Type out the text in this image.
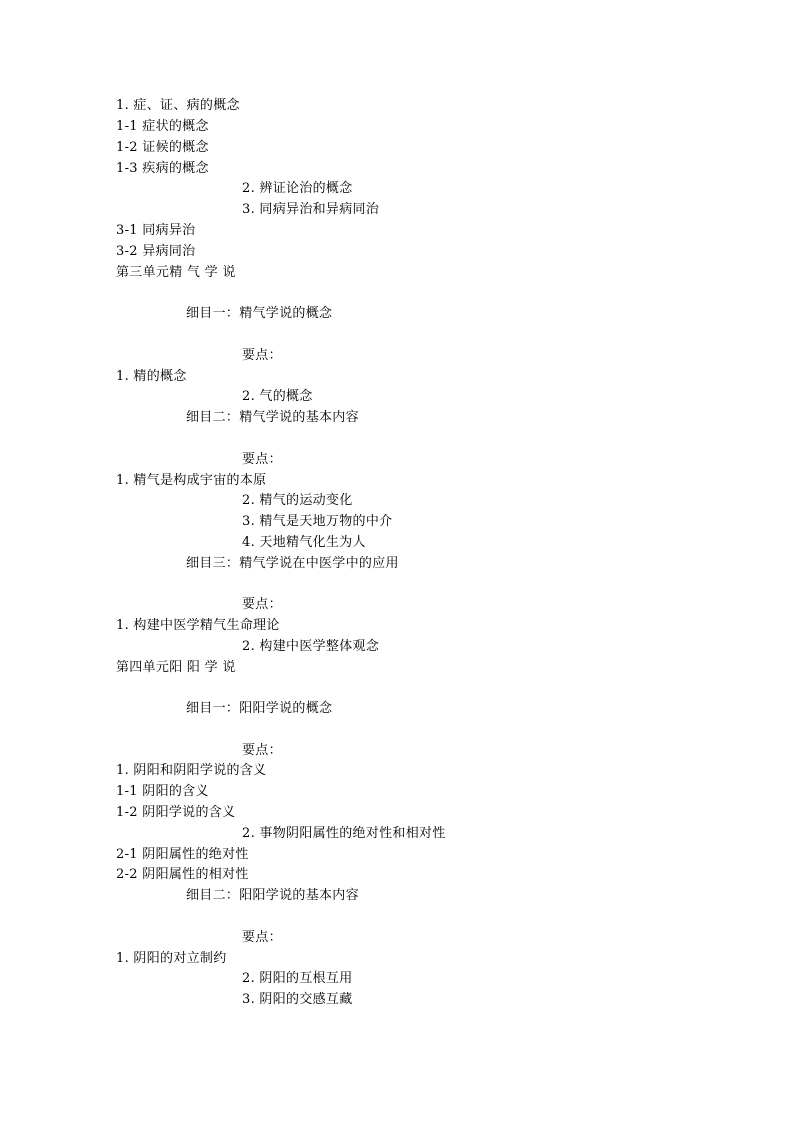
1. 症、证、病的概念
1-1 症状的概念
1-2 证候的概念
1-3 疾病的概念
2. 辨证论治的概念
3. 同病异治和异病同治
3-1 同病异治
3-2 异病同治
第三单元精 气 学 说
细目一：精气学说的概念
要点：
1. 精的概念
2. 气的概念
细目二：精气学说的基本内容
要点：
1. 精气是构成宇宙的本原
2. 精气的运动变化
3. 精气是天地万物的中介
4. 天地精气化生为人
细目三：精气学说在中医学中的应用
要点：
1. 构建中医学精气生命理论
2. 构建中医学整体观念
第四单元阳 阳 学 说
细目一：阳阳学说的概念
要点：
1. 阴阳和阴阳学说的含义
1-1 阴阳的含义
1-2 阴阳学说的含义
2. 事物阴阳属性的绝对性和相对性
2-1 阴阳属性的绝对性
2-2 阴阳属性的相对性
细目二：阳阳学说的基本内容
要点：
1. 阴阳的对立制约
2. 阴阳的互根互用
3. 阴阳的交感互藏
